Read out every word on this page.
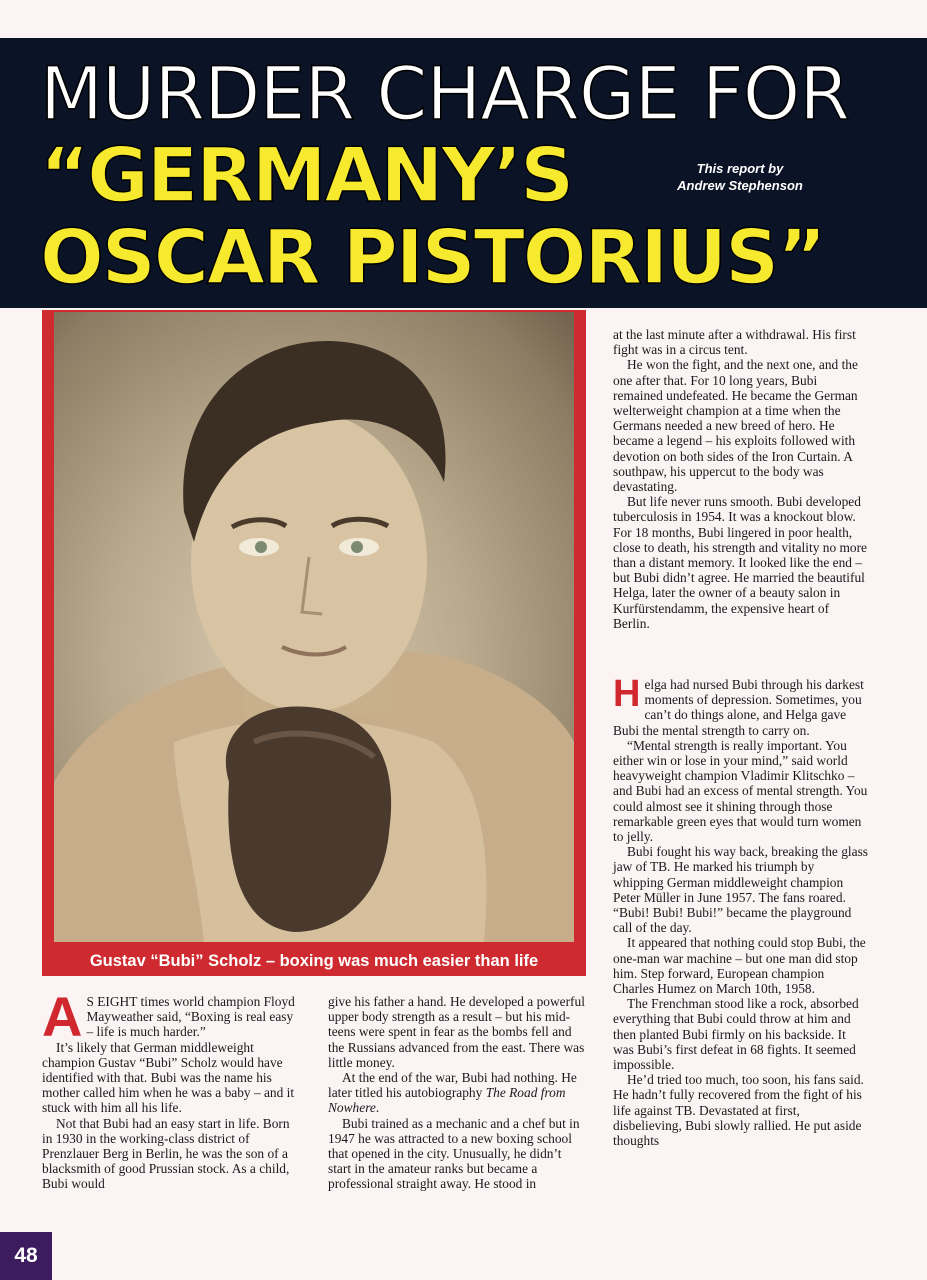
MURDER CHARGE FOR
“GERMANY’S
OSCAR PISTORIUS”
This report by
Andrew Stephenson
Gustav “Bubi” Scholz – boxing was much easier than life

A S EIGHT times world champion Floyd Mayweather said, “Boxing is real easy – life is much harder.”

It’s likely that German middleweight champion Gustav “Bubi” Scholz would have identified with that. Bubi was the name his mother called him when he was a baby – and it stuck with him all his life.

Not that Bubi had an easy start in life. Born in 1930 in the working-class district of Prenzlauer Berg in Berlin, he was the son of a blacksmith of good Prussian stock. As a child, Bubi would

give his father a hand. He developed a powerful upper body strength as a result – but his mid-teens were spent in fear as the bombs fell and the Russians advanced from the east. There was little money.

At the end of the war, Bubi had nothing. He later titled his autobiography The Road from Nowhere.

Bubi trained as a mechanic and a chef but in 1947 he was attracted to a new boxing school that opened in the city. Unusually, he didn’t start in the amateur ranks but became a professional straight away. He stood in

at the last minute after a withdrawal. His first fight was in a circus tent.

He won the fight, and the next one, and the one after that. For 10 long years, Bubi remained undefeated. He became the German welterweight champion at a time when the Germans needed a new breed of hero. He became a legend – his exploits followed with devotion on both sides of the Iron Curtain. A southpaw, his uppercut to the body was devastating.

But life never runs smooth. Bubi developed tuberculosis in 1954. It was a knockout blow. For 18 months, Bubi lingered in poor health, close to death, his strength and vitality no more than a distant memory. It looked like the end – but Bubi didn’t agree. He married the beautiful Helga, later the owner of a beauty salon in Kurfürstendamm, the expensive heart of Berlin.

Helga had nursed Bubi through his darkest moments of depression. Sometimes, you can’t do things alone, and Helga gave Bubi the mental strength to carry on.

“Mental strength is really important. You either win or lose in your mind,” said world heavyweight champion Vladimir Klitschko – and Bubi had an excess of mental strength. You could almost see it shining through those remarkable green eyes that would turn women to jelly.

Bubi fought his way back, breaking the glass jaw of TB. He marked his triumph by whipping German middleweight champion Peter Müller in June 1957. The fans roared. “Bubi! Bubi! Bubi!” became the playground call of the day.

It appeared that nothing could stop Bubi, the one-man war machine – but one man did stop him. Step forward, European champion Charles Humez on March 10th, 1958.

The Frenchman stood like a rock, absorbed everything that Bubi could throw at him and then planted Bubi firmly on his backside. It was Bubi’s first defeat in 68 fights. It seemed impossible.

He’d tried too much, too soon, his fans said. He hadn’t fully recovered from the fight of his life against TB. Devastated at first, disbelieving, Bubi slowly rallied. He put aside thoughts

48
